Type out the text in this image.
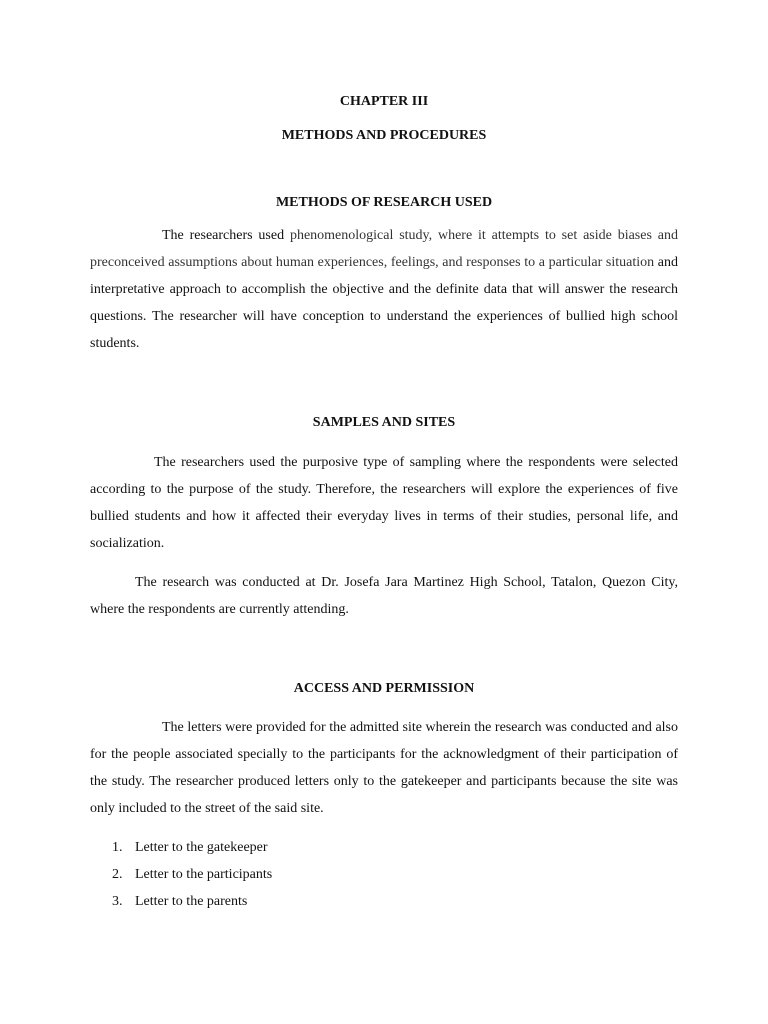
CHAPTER III
METHODS AND PROCEDURES
METHODS OF RESEARCH USED

The researchers used phenomenological study, where it attempts to set aside biases and preconceived assumptions about human experiences, feelings, and responses to a particular situation and interpretative approach to accomplish the objective and the definite data that will answer the research questions. The researcher will have conception to understand the experiences of bullied high school students.

SAMPLES AND SITES

The researchers used the purposive type of sampling where the respondents were selected according to the purpose of the study. Therefore, the researchers will explore the experiences of five bullied students and how it affected their everyday lives in terms of their studies, personal life, and socialization.

The research was conducted at Dr. Josefa Jara Martinez High School, Tatalon, Quezon City, where the respondents are currently attending.

ACCESS AND PERMISSION

The letters were provided for the admitted site wherein the research was conducted and also for the people associated specially to the participants for the acknowledgment of their participation of the study. The researcher produced letters only to the gatekeeper and participants because the site was only included to the street of the said site.

1. Letter to the gatekeeper
2. Letter to the participants
3. Letter to the parents
